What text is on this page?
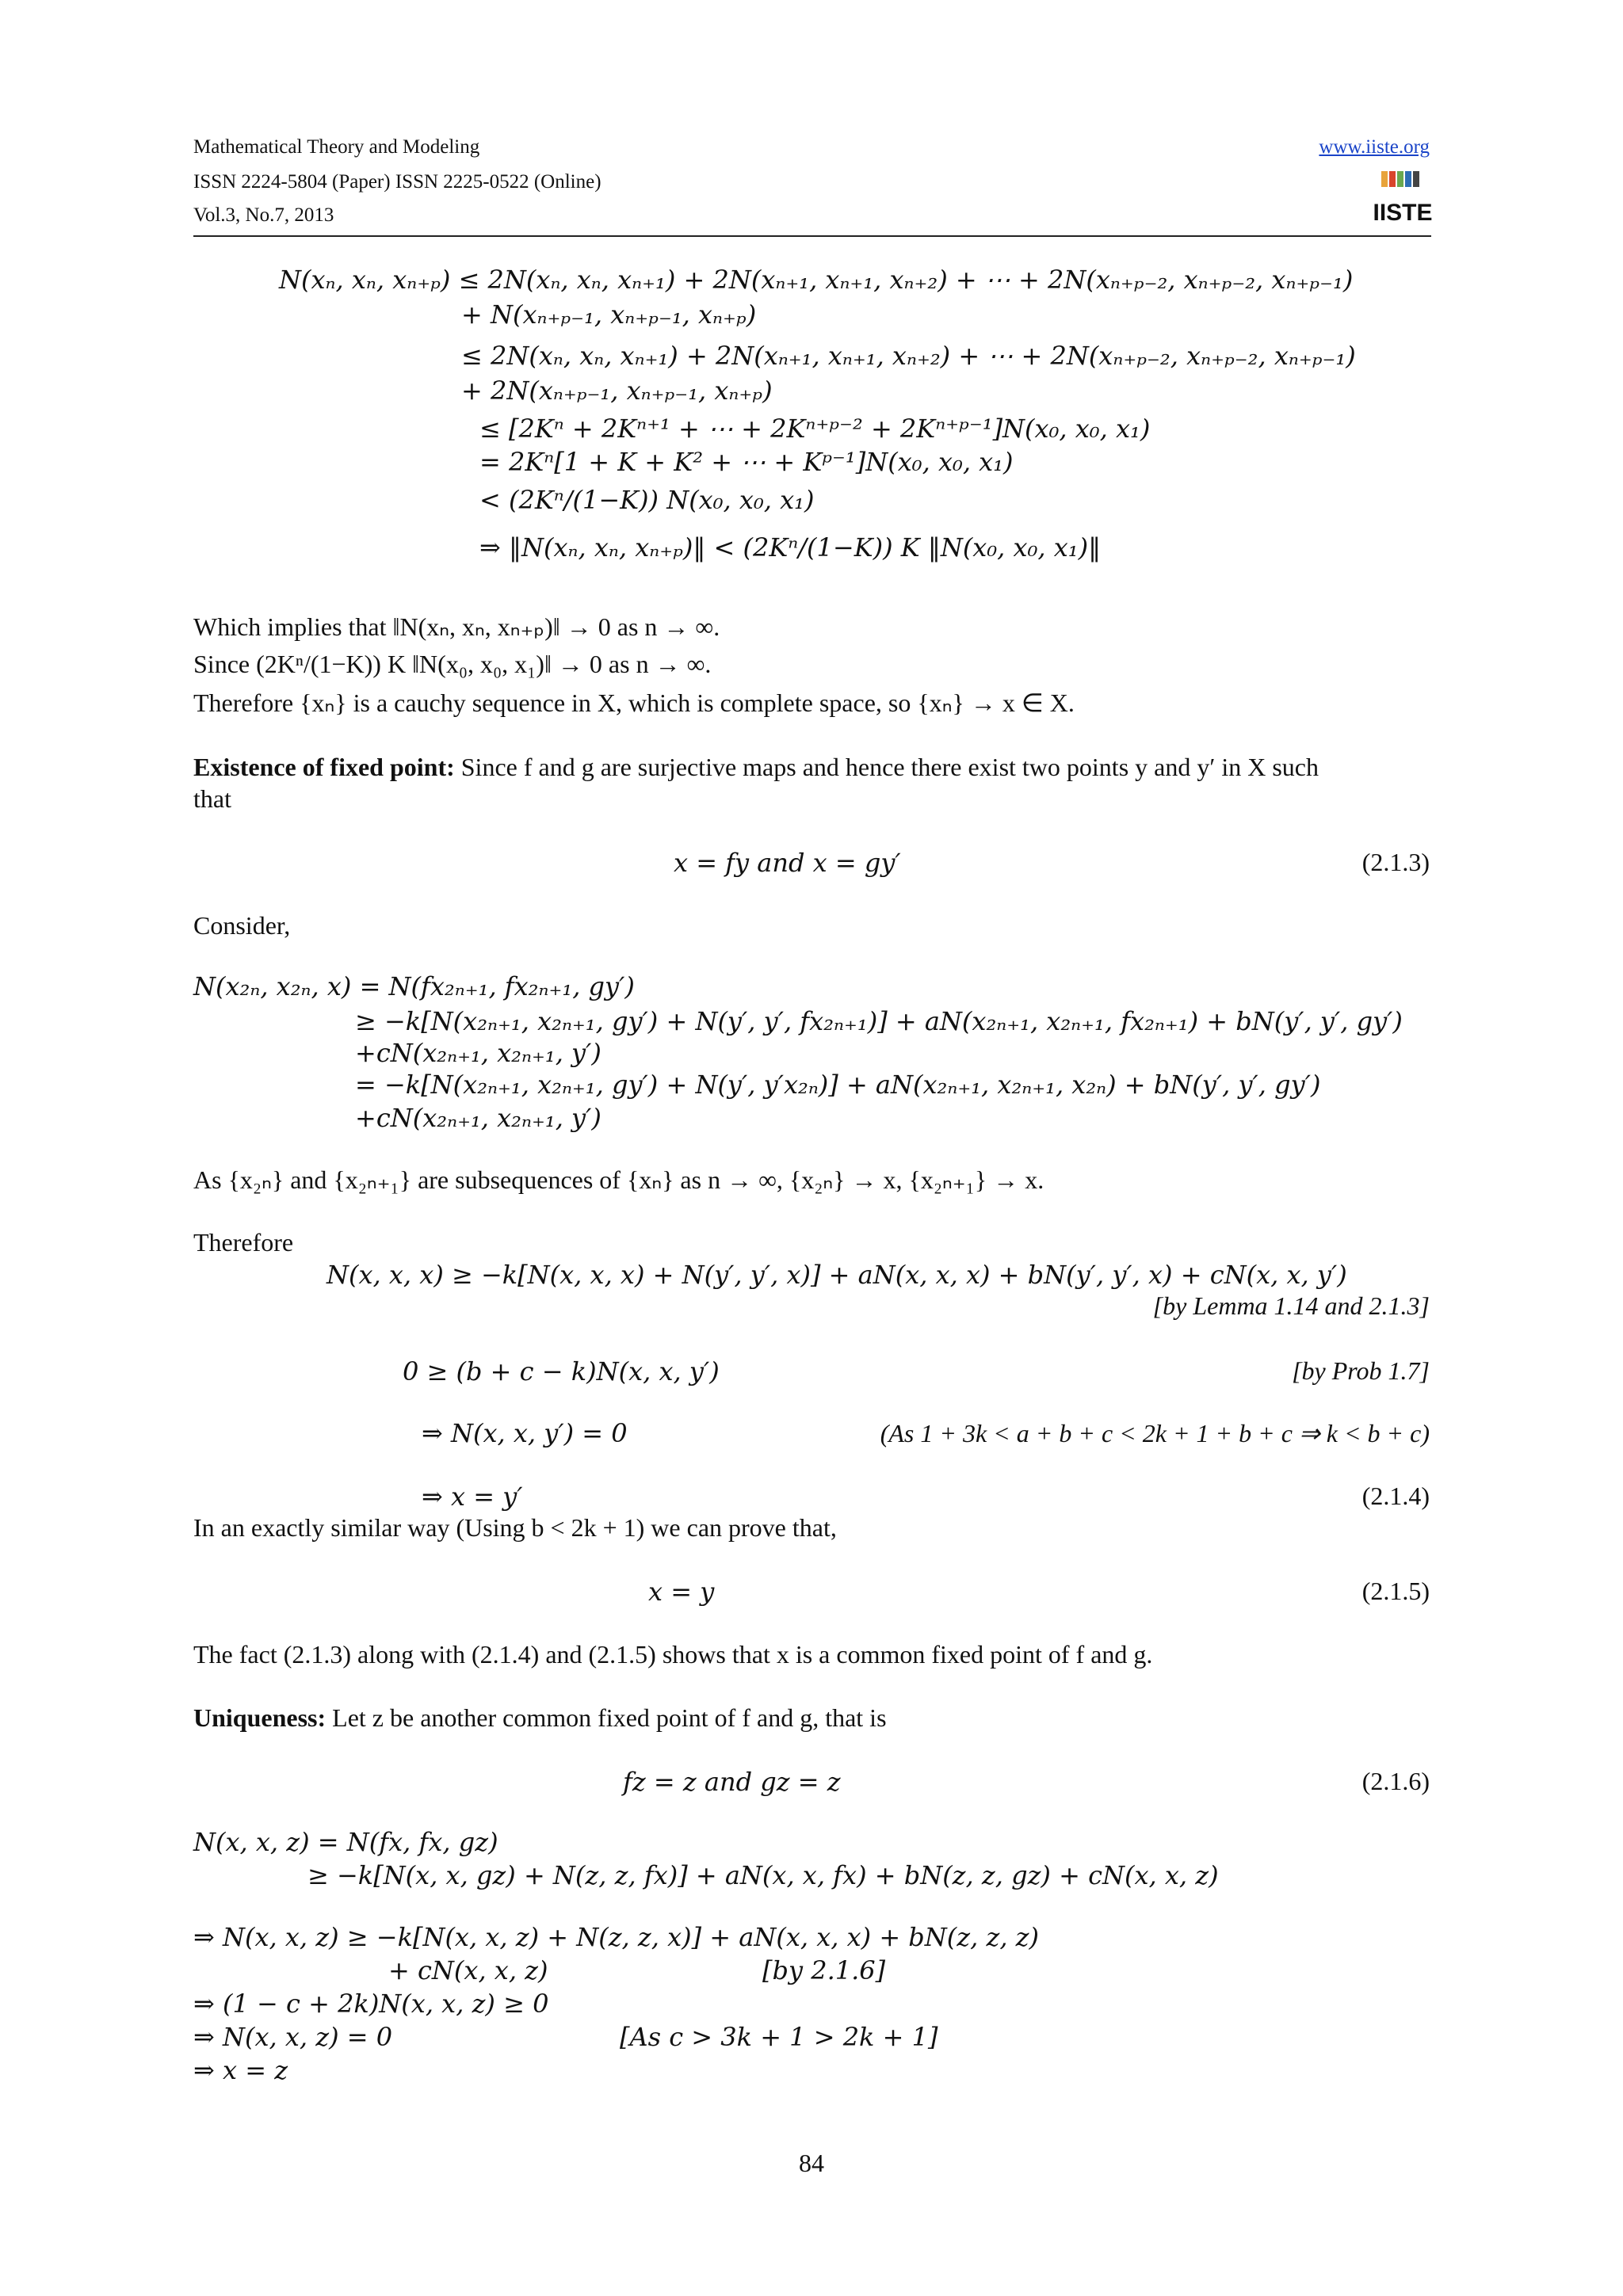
Mathematical Theory and Modeling
ISSN 2224-5804 (Paper) ISSN 2225-0522 (Online)
Vol.3, No.7, 2013
www.iiste.org
IISTE
N(xₙ, xₙ, xₙ₊ₚ) ≤ 2N(xₙ, xₙ, xₙ₊₁) + 2N(xₙ₊₁, xₙ₊₁, xₙ₊₂) + ⋯ + 2N(xₙ₊ₚ₋₂, xₙ₊ₚ₋₂, xₙ₊ₚ₋₁)
+ N(xₙ₊ₚ₋₁, xₙ₊ₚ₋₁, xₙ₊ₚ)
≤ 2N(xₙ, xₙ, xₙ₊₁) + 2N(xₙ₊₁, xₙ₊₁, xₙ₊₂) + ⋯ + 2N(xₙ₊ₚ₋₂, xₙ₊ₚ₋₂, xₙ₊ₚ₋₁)
+ 2N(xₙ₊ₚ₋₁, xₙ₊ₚ₋₁, xₙ₊ₚ)
≤ [2Kⁿ + 2Kⁿ⁺¹ + ⋯ + 2Kⁿ⁺ᵖ⁻² + 2Kⁿ⁺ᵖ⁻¹]N(x₀, x₀, x₁)
= 2Kⁿ[1 + K + K² + ⋯ + Kᵖ⁻¹]N(x₀, x₀, x₁)
< (2Kⁿ/(1−K)) N(x₀, x₀, x₁)
⇒ ‖N(xₙ, xₙ, xₙ₊ₚ)‖ < (2Kⁿ/(1−K)) K ‖N(x₀, x₀, x₁)‖
Which implies that ‖N(xₙ, xₙ, xₙ₊ₚ)‖ → 0 as n → ∞.
Since (2Kⁿ/(1−K)) K ‖N(x₀, x₀, x₁)‖ → 0 as n → ∞.
Therefore {xₙ} is a cauchy sequence in X, which is complete space, so {xₙ} → x ∈ X.
Existence of fixed point: Since f and g are surjective maps and hence there exist two points y and y′ in X such
that
x = fy and x = gy′	(2.1.3)
Consider,
N(x₂ₙ, x₂ₙ, x) = N(fx₂ₙ₊₁, fx₂ₙ₊₁, gy′)
≥ −k[N(x₂ₙ₊₁, x₂ₙ₊₁, gy′) + N(y′, y′, fx₂ₙ₊₁)] + aN(x₂ₙ₊₁, x₂ₙ₊₁, fx₂ₙ₊₁) + bN(y′, y′, gy′)
+cN(x₂ₙ₊₁, x₂ₙ₊₁, y′)
= −k[N(x₂ₙ₊₁, x₂ₙ₊₁, gy′) + N(y′, y′x₂ₙ)] + aN(x₂ₙ₊₁, x₂ₙ₊₁, x₂ₙ) + bN(y′, y′, gy′)
+cN(x₂ₙ₊₁, x₂ₙ₊₁, y′)
As {x₂ₙ} and {x₂ₙ₊₁} are subsequences of {xₙ} as n → ∞, {x₂ₙ} → x, {x₂ₙ₊₁} → x.
Therefore
N(x, x, x) ≥ −k[N(x, x, x) + N(y′, y′, x)] + aN(x, x, x) + bN(y′, y′, x) + cN(x, x, y′)
[by Lemma 1.14 and 2.1.3]
0 ≥ (b + c − k)N(x, x, y′)	[by Prob 1.7]
⇒ N(x, x, y′) = 0	(As 1 + 3k < a + b + c < 2k + 1 + b + c ⇒ k < b + c)
⇒ x = y′	(2.1.4)
In an exactly similar way (Using b < 2k + 1) we can prove that,
x = y	(2.1.5)
The fact (2.1.3) along with (2.1.4) and (2.1.5) shows that x is a common fixed point of f and g.
Uniqueness: Let z be another common fixed point of f and g, that is
fz = z and gz = z	(2.1.6)
N(x, x, z) = N(fx, fx, gz)
≥ −k[N(x, x, gz) + N(z, z, fx)] + aN(x, x, fx) + bN(z, z, gz) + cN(x, x, z)
⇒ N(x, x, z) ≥ −k[N(x, x, z) + N(z, z, x)] + aN(x, x, x) + bN(z, z, z)
+ cN(x, x, z)	[by 2.1.6]
⇒ (1 − c + 2k)N(x, x, z) ≥ 0
⇒ N(x, x, z) = 0	[As c > 3k + 1 > 2k + 1]
⇒ x = z
84
